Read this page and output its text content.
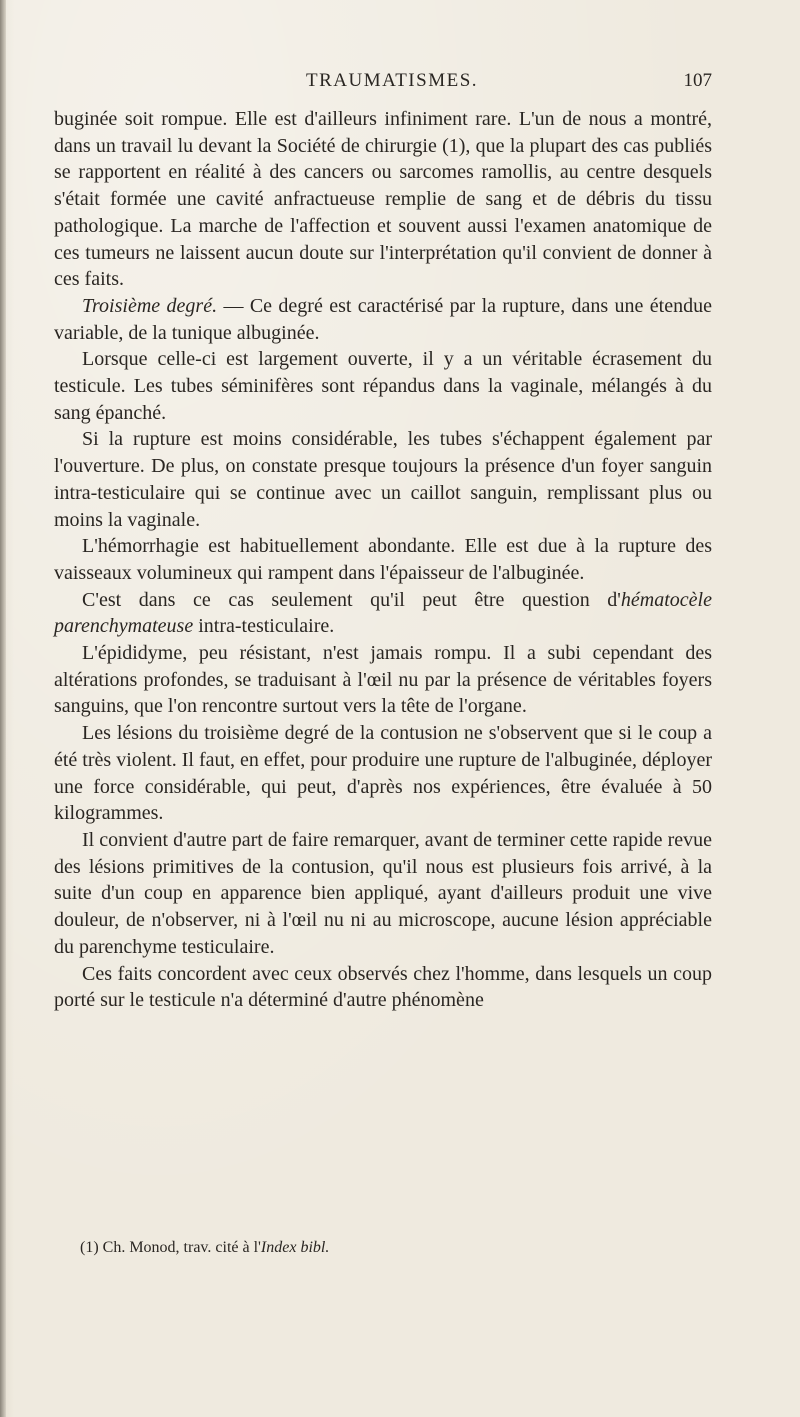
TRAUMATISMES.	107

buginée soit rompue. Elle est d'ailleurs infiniment rare. L'un de nous a montré, dans un travail lu devant la Société de chirurgie (1), que la plupart des cas publiés se rapportent en réalité à des cancers ou sarcomes ramollis, au centre desquels s'était formée une cavité anfractueuse remplie de sang et de débris du tissu pathologique. La marche de l'affection et souvent aussi l'examen anatomique de ces tumeurs ne laissent aucun doute sur l'interprétation qu'il convient de donner à ces faits.

Troisième degré. — Ce degré est caractérisé par la rupture, dans une étendue variable, de la tunique albuginée.

Lorsque celle-ci est largement ouverte, il y a un véritable écrasement du testicule. Les tubes séminifères sont répandus dans la vaginale, mélangés à du sang épanché.

Si la rupture est moins considérable, les tubes s'échappent également par l'ouverture. De plus, on constate presque toujours la présence d'un foyer sanguin intra-testiculaire qui se continue avec un caillot sanguin, remplissant plus ou moins la vaginale.

L'hémorrhagie est habituellement abondante. Elle est due à la rupture des vaisseaux volumineux qui rampent dans l'épaisseur de l'albuginée.

C'est dans ce cas seulement qu'il peut être question d'hématocèle parenchymateuse intra-testiculaire.

L'épididyme, peu résistant, n'est jamais rompu. Il a subi cependant des altérations profondes, se traduisant à l'œil nu par la présence de véritables foyers sanguins, que l'on rencontre surtout vers la tête de l'organe.

Les lésions du troisième degré de la contusion ne s'observent que si le coup a été très violent. Il faut, en effet, pour produire une rupture de l'albuginée, déployer une force considérable, qui peut, d'après nos expériences, être évaluée à 50 kilogrammes.

Il convient d'autre part de faire remarquer, avant de terminer cette rapide revue des lésions primitives de la contusion, qu'il nous est plusieurs fois arrivé, à la suite d'un coup en apparence bien appliqué, ayant d'ailleurs produit une vive douleur, de n'observer, ni à l'œil nu ni au microscope, aucune lésion appréciable du parenchyme testiculaire.

Ces faits concordent avec ceux observés chez l'homme, dans lesquels un coup porté sur le testicule n'a déterminé d'autre phénomène

(1) Ch. Monod, trav. cité à l'Index bibl.
